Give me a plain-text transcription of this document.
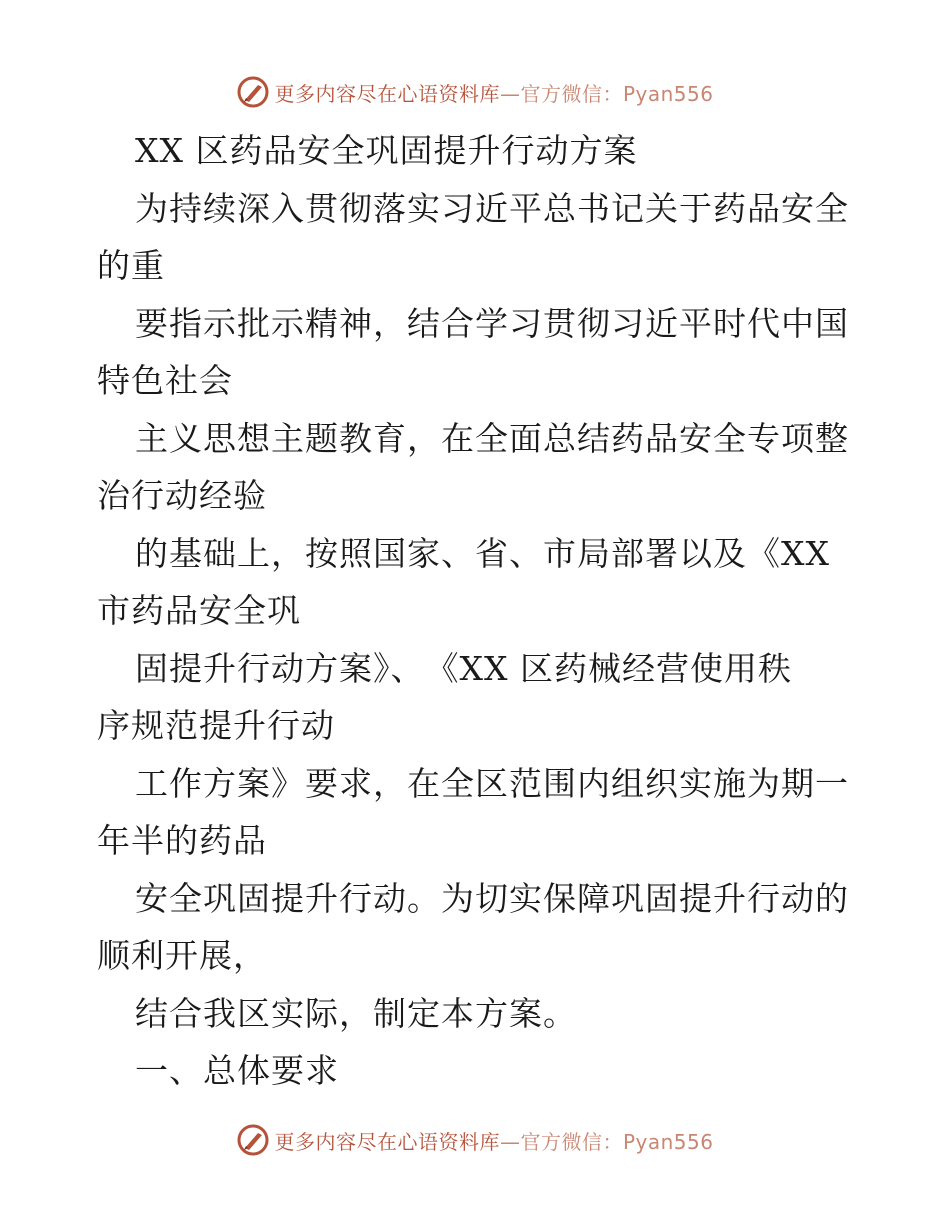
更多内容尽在心语资料库—官方微信：Pyan556
XX 区药品安全巩固提升行动方案
为持续深入贯彻落实习近平总书记关于药品安全
的重
要指示批示精神，结合学习贯彻习近平时代中国
特色社会
主义思想主题教育，在全面总结药品安全专项整
治行动经验
的基础上，按照国家、省、市局部署以及《XX
市药品安全巩
固提升行动方案》、　《XX 区药械经营使用秩
序规范提升行动
工作方案》要求，在全区范围内组织实施为期一
年半的药品
安全巩固提升行动。为切实保障巩固提升行动的
顺利开展，
结合我区实际，制定本方案。
一、总体要求
更多内容尽在心语资料库—官方微信：Pyan556
